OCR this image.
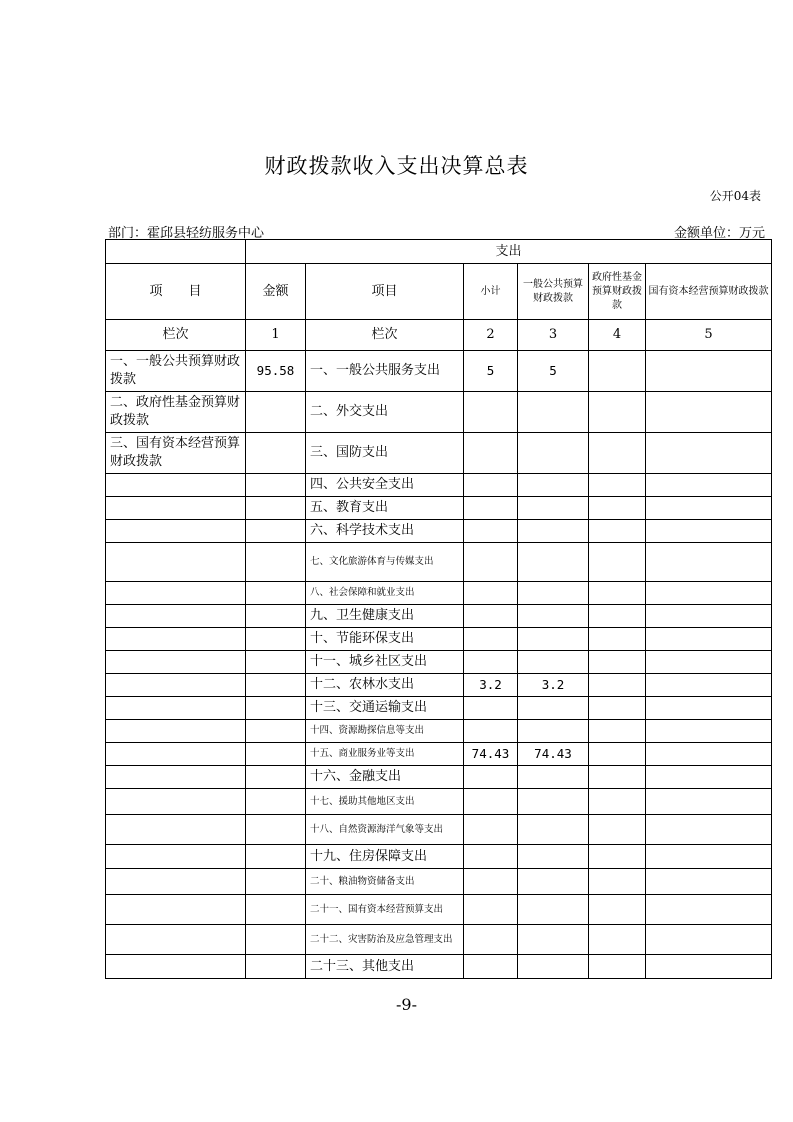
财政拨款收入支出决算总表
公开04表
部门：霍邱县轻纺服务中心	金额单位：万元
	支出					
项　　目	金额	项目	小计	一般公共预算财政拨款	政府性基金预算财政拨款	国有资本经营预算财政拨款
栏次	1	栏次	2	3	4	5
一、一般公共预算财政拨款	95.58	一、一般公共服务支出	5	5		
二、政府性基金预算财政拨款		二、外交支出				
三、国有资本经营预算财政拨款		三、国防支出				
		四、公共安全支出				
		五、教育支出				
		六、科学技术支出				
		七、文化旅游体育与传媒支出				
		八、社会保障和就业支出				
		九、卫生健康支出				
		十、节能环保支出				
		十一、城乡社区支出				
		十二、农林水支出	3.2	3.2		
		十三、交通运输支出				
		十四、资源勘探信息等支出				
		十五、商业服务业等支出	74.43	74.43		
		十六、金融支出				
		十七、援助其他地区支出				
		十八、自然资源海洋气象等支出				
		十九、住房保障支出				
		二十、粮油物资储备支出				
		二十一、国有资本经营预算支出				
		二十二、灾害防治及应急管理支出				
		二十三、其他支出				
-9-
